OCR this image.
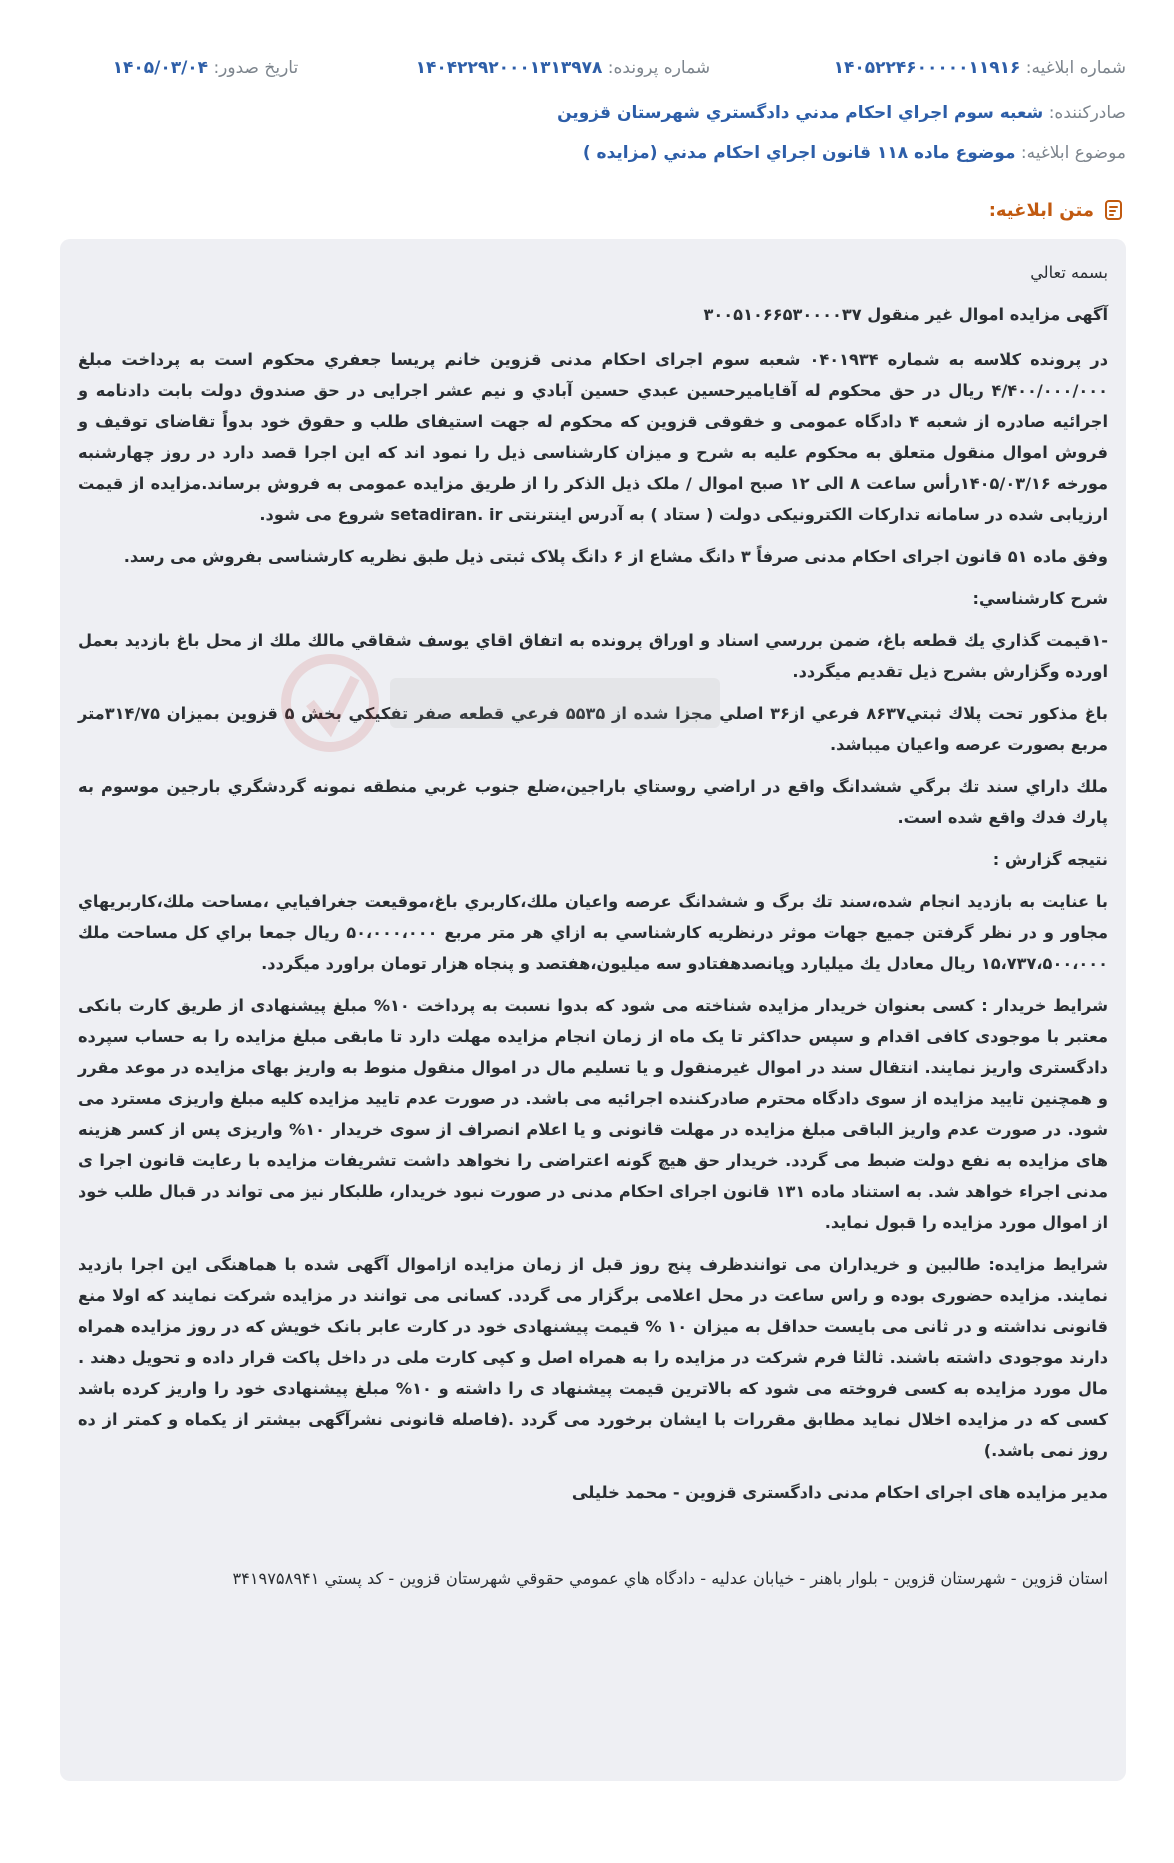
شماره ابلاغیه: ۱۴۰۵۲۲۴۶۰۰۰۰۰۱۱۹۱۶ شماره پرونده: ۱۴۰۴۲۲۹۲۰۰۰۱۳۱۳۹۷۸ تاریخ صدور: ۱۴۰۵/۰۳/۰۴
صادرکننده: شعبه سوم اجراي احکام مدني دادگستري شهرستان قزوين
موضوع ابلاغیه: موضوع ماده ۱۱۸ قانون اجراي احکام مدني (مزايده )
متن ابلاغیه:

بسمه تعالي

آگهی مزايده اموال غير منقول ۳۰۰۵۱۰۶۶۵۳۰۰۰۰۳۷

در پرونده کلاسه به شماره ۰۴۰۱۹۳۴ شعبه سوم اجرای احکام مدنی قزوين خانم پريسا جعفري محکوم است به پرداخت مبلغ ۴/۴۰۰/۰۰۰/۰۰۰ ريال در حق محکوم له آقايامیرحسين عبدي حسين آبادي و نيم عشر اجرايی در حق صندوق دولت بابت دادنامه و اجرائيه صادره از شعبه ۴ دادگاه عمومی و خقوقی قزوين که محکوم له جهت استيفای طلب و حقوق خود بدواً تقاضای توقيف و فروش اموال منقول متعلق به محکوم عليه به شرح و ميزان کارشناسی ذيل را نمود اند که اين اجرا قصد دارد در روز چهارشنبه مورخه ۱۴۰۵/۰۳/۱۶رأس ساعت ۸ الی ۱۲ صبح اموال / ملک ذيل الذکر را از طريق مزايده عمومی به فروش برساند.مزايده از قيمت ارزيابی شده در سامانه تدارکات الکترونيکی دولت ( ستاد ) به آدرس اينترنتی setadiran. ir شروع می شود.

وفق ماده ۵۱ قانون اجرای احکام مدنی صرفاً ۳ دانگ مشاع از ۶ دانگ پلاک ثبتی ذيل طبق نظريه کارشناسی بفروش می رسد.

شرح کارشناسي:

-۱قيمت گذاري يك قطعه باغ، ضمن بررسي اسناد و اوراق پرونده به اتفاق اقاي يوسف شقاقي مالك ملك از محل باغ بازديد بعمل اورده وگزارش بشرح ذيل تقديم ميگردد.

باغ مذكور تحت پلاك ثبتي۸۶۳۷ فرعي از۳۶ اصلي مجزا شده از ۵۵۳۵ فرعي قطعه صفر تفكيكي بخش ۵ قزوين بميزان ۳۱۴/۷۵متر مربع بصورت عرصه واعيان ميباشد.

ملك داراي سند تك برگي ششدانگ واقع در اراضي روستاي باراجين،ضلع جنوب غربي منطقه نمونه گردشگري بارجين موسوم به پارك فدك واقع شده است.

نتيجه گزارش :

با عنايت به بازديد انجام شده،سند تك برگ و ششدانگ عرصه واعيان ملك،كاربري باغ،موقيعت جغرافيايي ،مساحت ملك،كاربريهاي مجاور و در نظر گرفتن جميع جهات موثر درنظريه كارشناسي به ازاي هر متر مربع ۵۰،۰۰۰،۰۰۰ ريال جمعا براي كل مساحت ملك ۱۵،۷۳۷،۵۰۰،۰۰۰ ريال معادل يك ميليارد وپانصدهفتادو سه ميليون،هفتصد و پنجاه هزار تومان براورد ميگردد.

شرايط خريدار : کسی بعنوان خريدار مزايده شناخته می شود که بدوا نسبت به پرداخت ۱۰% مبلغ پيشنهادی از طريق کارت بانکی معتبر با موجودی کافی اقدام و سپس حداکثر تا يک ماه از زمان انجام مزايده مهلت دارد تا مابقی مبلغ مزايده را به حساب سپرده دادگستری واريز نمايند. انتقال سند در اموال غيرمنقول و يا تسليم مال در اموال منقول منوط به واريز بهای مزايده در موعد مقرر و همچنين تاييد مزايده از سوی دادگاه محترم صادرکننده اجرائيه می باشد. در صورت عدم تاييد مزايده کليه مبلغ واريزی مسترد می شود. در صورت عدم واريز الباقی مبلغ مزايده در مهلت قانونی و يا اعلام انصراف از سوی خريدار ۱۰% واريزی پس از کسر هزينه های مزايده به نفع دولت ضبط می گردد. خريدار حق هيچ گونه اعتراضی را نخواهد داشت تشريفات مزايده با رعايت قانون اجرا ی مدنی اجراء خواهد شد. به استناد ماده ۱۳۱ قانون اجرای احکام مدنی در صورت نبود خريدار، طلبکار نيز می تواند در قبال طلب خود از اموال مورد مزايده را قبول نمايد.

شرايط مزايده: طالبين و خريداران می توانندظرف پنج روز قبل از زمان مزايده ازاموال آگهی شده با هماهنگی اين اجرا بازديد نمايند. مزايده حضوری بوده و راس ساعت در محل اعلامی برگزار می گردد. کسانی می توانند در مزايده شرکت نمايند که اولا منع قانونی نداشته و در ثانی می بايست حداقل به ميزان ۱۰ % قيمت پيشنهادی خود در کارت عابر بانک خويش که در روز مزايده همراه دارند موجودی داشته باشند. ثالثا فرم شرکت در مزايده را به همراه اصل و کپی کارت ملی در داخل پاکت قرار داده و تحويل دهند . مال مورد مزايده به کسی فروخته می شود که بالاترين قيمت پيشنهاد ی را داشته و ۱۰% مبلغ پيشنهادی خود را واريز کرده باشد کسی که در مزايده اخلال نمايد مطابق مقررات با ايشان برخورد می گردد .(فاصله قانونی نشرآگهی بيشتر از يکماه و کمتر از ده روز نمی باشد.)

مدير مزايده های اجرای احکام مدنی دادگستری قزوين - محمد خليلی

استان قزوين - شهرستان قزوين - بلوار باهنر - خيابان عدليه - دادگاه هاي عمومي حقوقي شهرستان قزوين - کد پستي ۳۴۱۹۷۵۸۹۴۱
